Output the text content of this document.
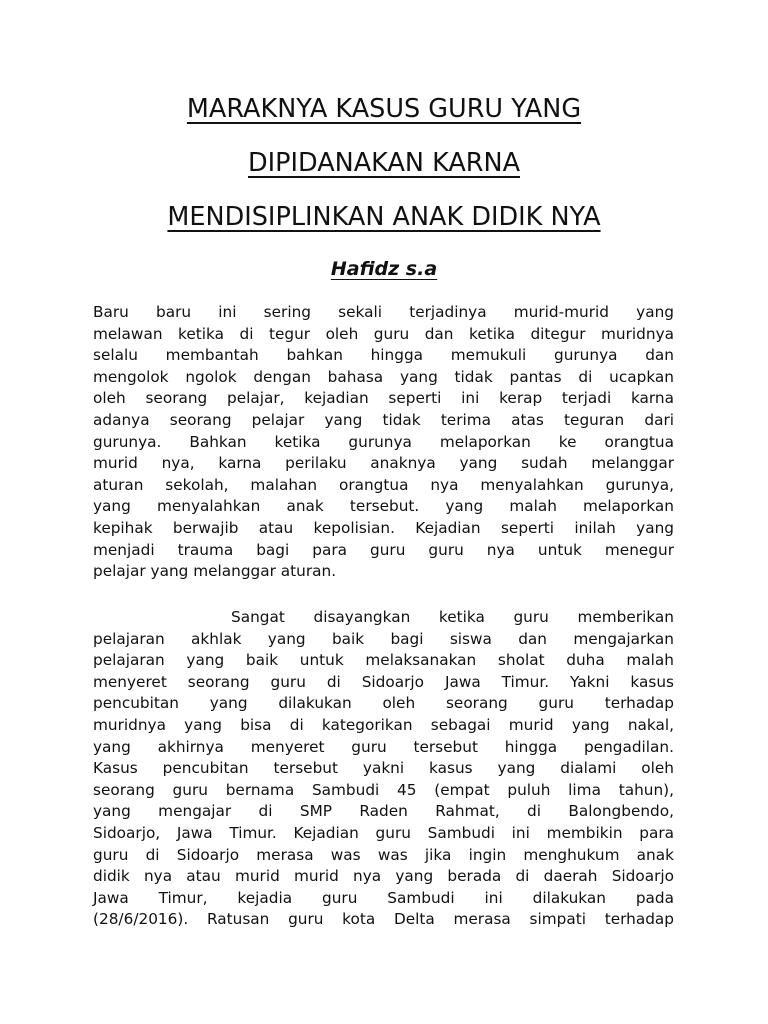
MARAKNYA KASUS GURU YANG
DIPIDANAKAN KARNA
MENDISIPLINKAN ANAK DIDIK NYA

Hafidz s.a

Baru baru ini sering sekali terjadinya murid-murid yang
melawan ketika di tegur oleh guru dan ketika ditegur muridnya
selalu membantah bahkan hingga memukuli gurunya dan
mengolok ngolok dengan bahasa yang tidak pantas di ucapkan
oleh seorang pelajar, kejadian seperti ini kerap terjadi karna
adanya seorang pelajar yang tidak terima atas teguran dari
gurunya. Bahkan ketika gurunya melaporkan ke orangtua
murid nya, karna perilaku anaknya yang sudah melanggar
aturan sekolah, malahan orangtua nya menyalahkan gurunya,
yang menyalahkan anak tersebut. yang malah melaporkan
kepihak berwajib atau kepolisian. Kejadian seperti inilah yang
menjadi trauma bagi para guru guru nya untuk menegur
pelajar yang melanggar aturan.

Sangat disayangkan ketika guru memberikan
pelajaran akhlak yang baik bagi siswa dan mengajarkan
pelajaran yang baik untuk melaksanakan sholat duha malah
menyeret seorang guru di Sidoarjo Jawa Timur. Yakni kasus
pencubitan yang dilakukan oleh seorang guru terhadap
muridnya yang bisa di kategorikan sebagai murid yang nakal,
yang akhirnya menyeret guru tersebut hingga pengadilan.
Kasus pencubitan tersebut yakni kasus yang dialami oleh
seorang guru bernama Sambudi 45 (empat puluh lima tahun),
yang mengajar di SMP Raden Rahmat, di Balongbendo,
Sidoarjo, Jawa Timur. Kejadian guru Sambudi ini membikin para
guru di Sidoarjo merasa was was jika ingin menghukum anak
didik nya atau murid murid nya yang berada di daerah Sidoarjo
Jawa Timur, kejadia guru Sambudi ini dilakukan pada
(28/6/2016). Ratusan guru kota Delta merasa simpati terhadap
